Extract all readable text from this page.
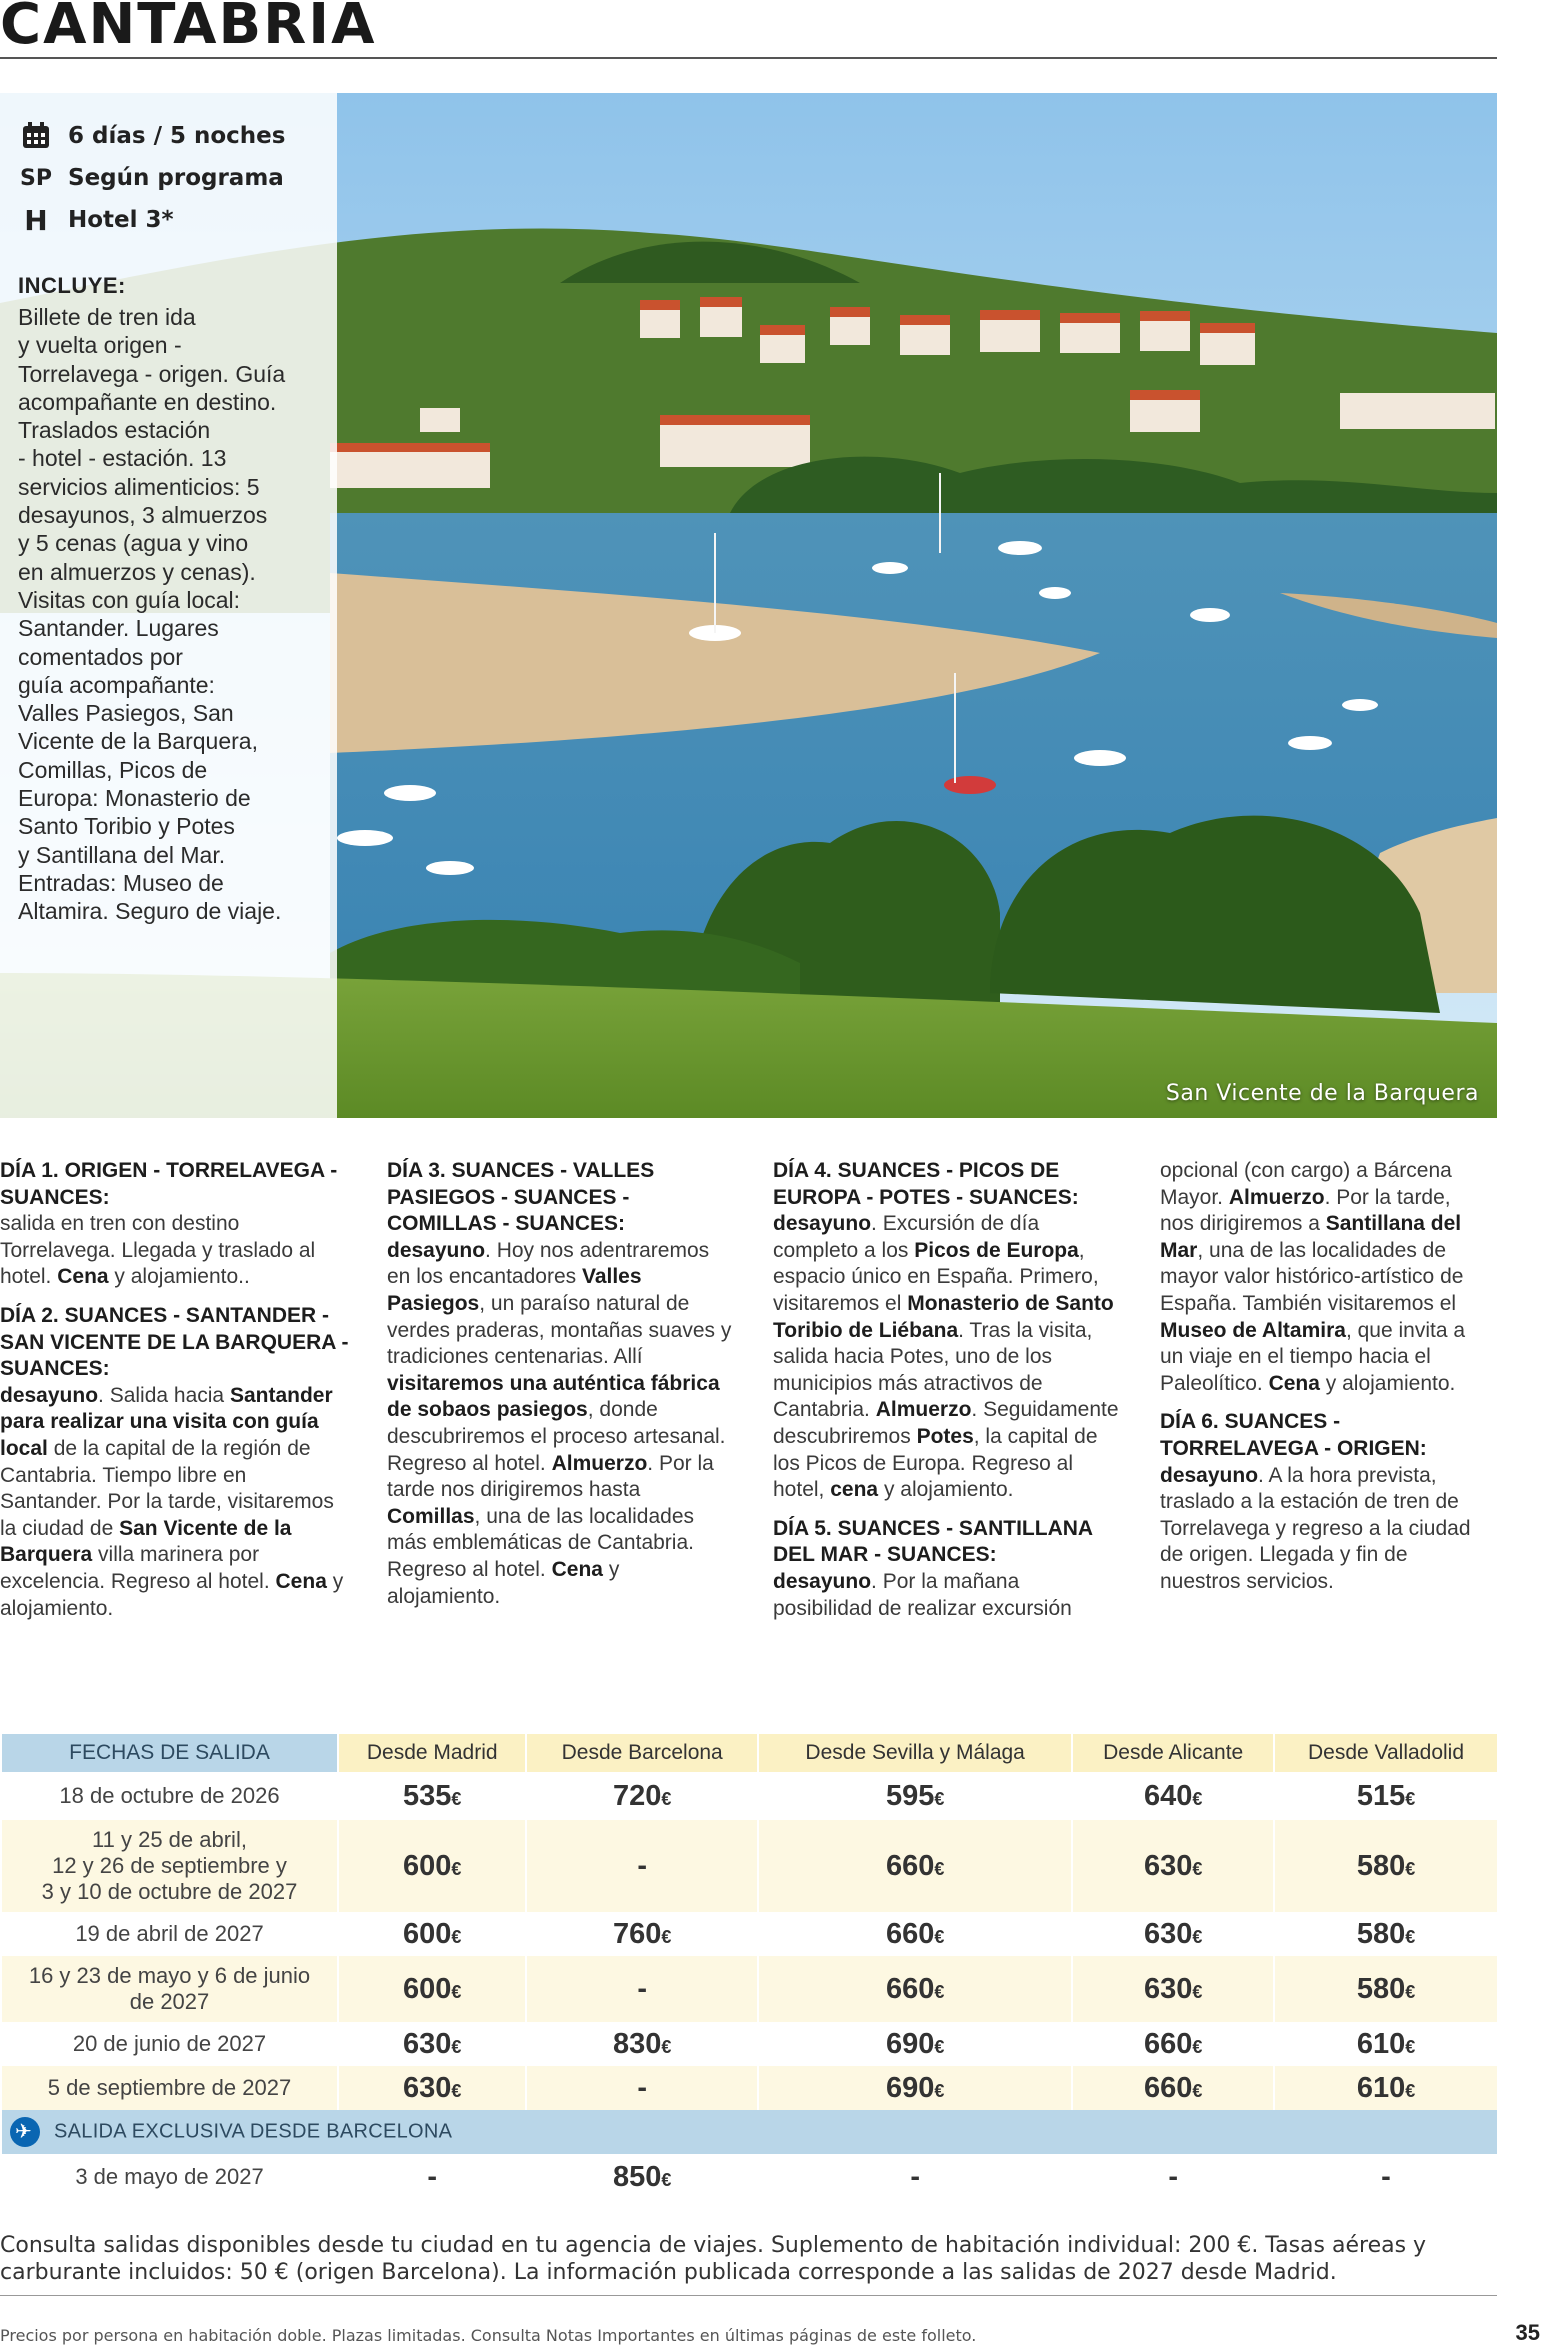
CANTABRIA
San Vicente de la Barquera
6 días / 5 noches
SP Según programa
H Hotel 3*
INCLUYE:
Billete de tren ida
y vuelta origen -
Torrelavega - origen. Guía
acompañante en destino.
Traslados estación
- hotel - estación. 13
servicios alimenticios: 5
desayunos, 3 almuerzos
y 5 cenas (agua y vino
en almuerzos y cenas).
Visitas con guía local:
Santander. Lugares
comentados por
guía acompañante:
Valles Pasiegos, San
Vicente de la Barquera,
Comillas, Picos de
Europa: Monasterio de
Santo Toribio y Potes
y Santillana del Mar.
Entradas: Museo de
Altamira. Seguro de viaje.

DÍA 1. ORIGEN - TORRELAVEGA - SUANCES:
salida en tren con destino Torrelavega. Llegada y traslado al hotel. Cena y alojamiento..

DÍA 2. SUANCES - SANTANDER - SAN VICENTE DE LA BARQUERA - SUANCES:
desayuno. Salida hacia Santander para realizar una visita con guía local de la capital de la región de Cantabria. Tiempo libre en Santander. Por la tarde, visitaremos la ciudad de San Vicente de la Barquera villa marinera por excelencia. Regreso al hotel. Cena y alojamiento.

DÍA 3. SUANCES - VALLES PASIEGOS - SUANCES - COMILLAS - SUANCES:
desayuno. Hoy nos adentraremos en los encantadores Valles Pasiegos, un paraíso natural de verdes praderas, montañas suaves y tradiciones centenarias. Allí visitaremos una auténtica fábrica de sobaos pasiegos, donde descubriremos el proceso artesanal. Regreso al hotel. Almuerzo. Por la tarde nos dirigiremos hasta Comillas, una de las localidades más emblemáticas de Cantabria. Regreso al hotel. Cena y alojamiento.

DÍA 4. SUANCES - PICOS DE EUROPA - POTES - SUANCES:
desayuno. Excursión de día completo a los Picos de Europa, espacio único en España. Primero, visitaremos el Monasterio de Santo Toribio de Liébana. Tras la visita, salida hacia Potes, uno de los municipios más atractivos de Cantabria. Almuerzo. Seguidamente descubriremos Potes, la capital de los Picos de Europa. Regreso al hotel, cena y alojamiento.

DÍA 5. SUANCES - SANTILLANA DEL MAR - SUANCES:
desayuno. Por la mañana posibilidad de realizar excursión

opcional (con cargo) a Bárcena Mayor. Almuerzo. Por la tarde, nos dirigiremos a Santillana del Mar, una de las localidades de mayor valor histórico-artístico de España. También visitaremos el Museo de Altamira, que invita a un viaje en el tiempo hacia el Paleolítico. Cena y alojamiento.

DÍA 6. SUANCES - TORRELAVEGA - ORIGEN:
desayuno. A la hora prevista, traslado a la estación de tren de Torrelavega y regreso a la ciudad de origen. Llegada y fin de nuestros servicios.

FECHAS DE SALIDA	Desde Madrid	Desde Barcelona	Desde Sevilla y Málaga	Desde Alicante	Desde Valladolid
18 de octubre de 2026	535€	720€	595€	640€	515€
11 y 25 de abril,
12 y 26 de septiembre y
3 y 10 de octubre de 2027	600€	-	660€	630€	580€
19 de abril de 2027	600€	760€	660€	630€	580€
16 y 23 de mayo y 6 de junio
de 2027	600€	-	660€	630€	580€
20 de junio de 2027	630€	830€	690€	660€	610€
5 de septiembre de 2027	630€	-	690€	660€	610€
✈SALIDA EXCLUSIVA DESDE BARCELONA
3 de mayo de 2027	-	850€	-	-	-
Consulta salidas disponibles desde tu ciudad en tu agencia de viajes. Suplemento de habitación individual: 200 €. Tasas aéreas y carburante incluidos: 50 € (origen Barcelona). La información publicada corresponde a las salidas de 2027 desde Madrid.
Precios por persona en habitación doble. Plazas limitadas. Consulta Notas Importantes en últimas páginas de este folleto.	35
